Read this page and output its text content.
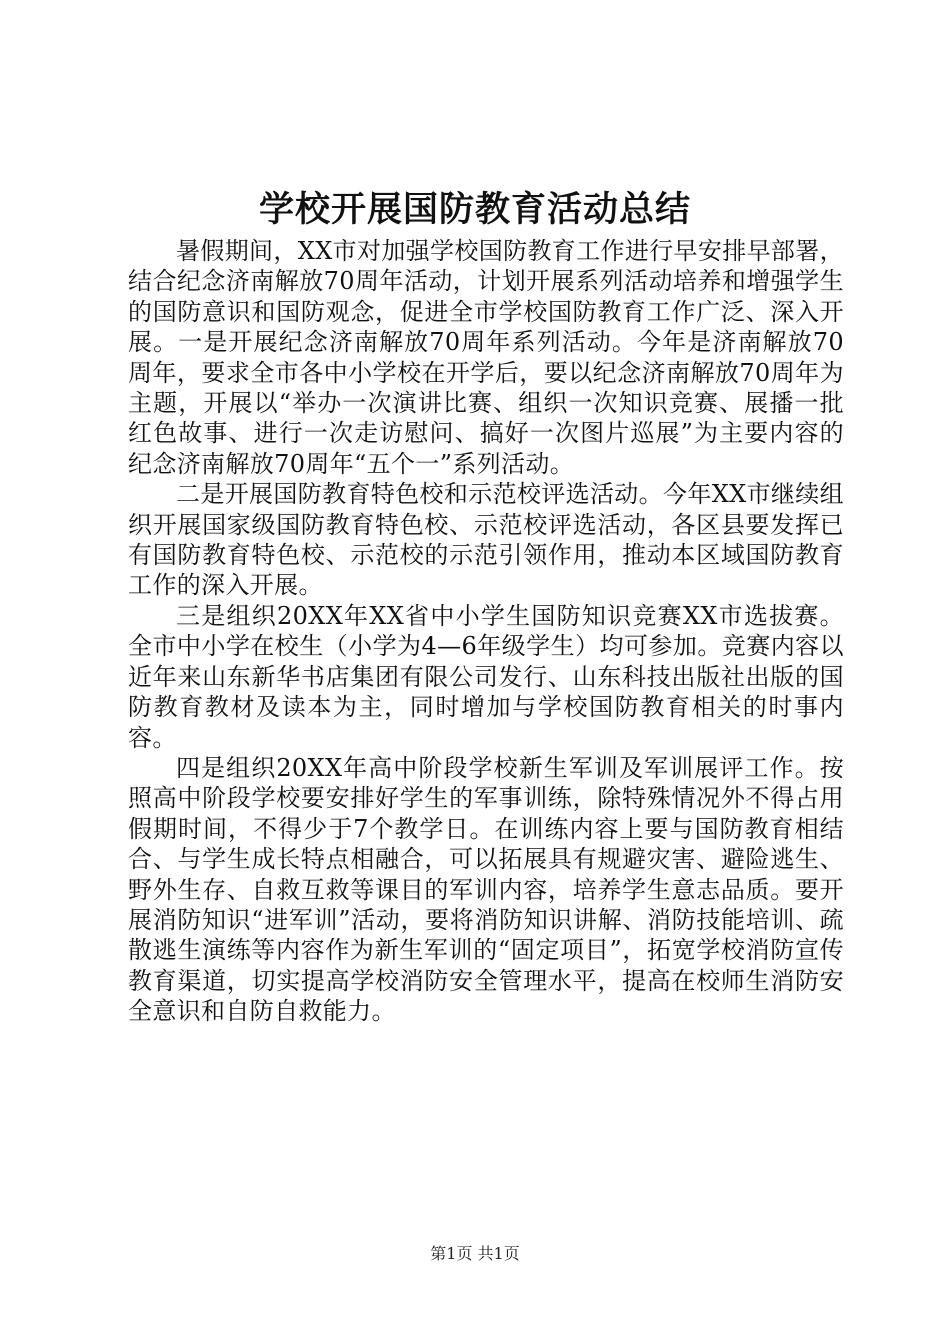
学校开展国防教育活动总结

暑假期间，XX市对加强学校国防教育工作进行早安排早部署，结合纪念济南解放70周年活动，计划开展系列活动培养和增强学生的国防意识和国防观念，促进全市学校国防教育工作广泛、深入开展。一是开展纪念济南解放70周年系列活动。今年是济南解放70周年，要求全市各中小学校在开学后，要以纪念济南解放70周年为主题，开展以“举办一次演讲比赛、组织一次知识竞赛、展播一批红色故事、进行一次走访慰问、搞好一次图片巡展”为主要内容的纪念济南解放70周年“五个一”系列活动。

二是开展国防教育特色校和示范校评选活动。今年XX市继续组织开展国家级国防教育特色校、示范校评选活动，各区县要发挥已有国防教育特色校、示范校的示范引领作用，推动本区域国防教育工作的深入开展。

三是组织20XX年XX省中小学生国防知识竞赛XX市选拔赛。全市中小学在校生（小学为4—6年级学生）均可参加。竞赛内容以近年来山东新华书店集团有限公司发行、山东科技出版社出版的国防教育教材及读本为主，同时增加与学校国防教育相关的时事内容。

四是组织20XX年高中阶段学校新生军训及军训展评工作。按照高中阶段学校要安排好学生的军事训练，除特殊情况外不得占用假期时间，不得少于7个教学日。在训练内容上要与国防教育相结合、与学生成长特点相融合，可以拓展具有规避灾害、避险逃生、野外生存、自救互救等课目的军训内容，培养学生意志品质。要开展消防知识“进军训”活动，要将消防知识讲解、消防技能培训、疏散逃生演练等内容作为新生军训的“固定项目”，拓宽学校消防宣传教育渠道，切实提高学校消防安全管理水平，提高在校师生消防安全意识和自防自救能力。

第1页 共1页
